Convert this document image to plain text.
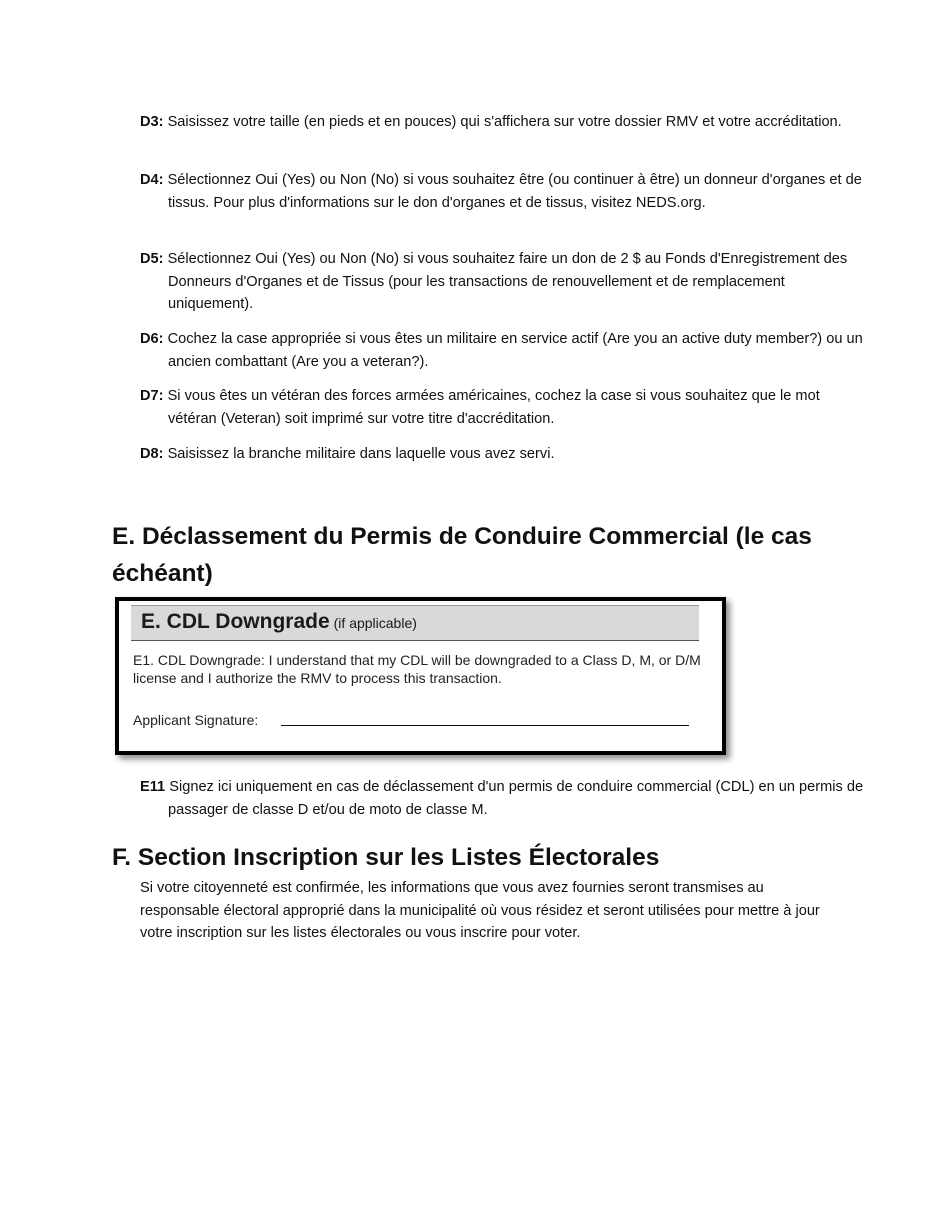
D3: Saisissez votre taille (en pieds et en pouces) qui s'affichera sur votre dossier RMV et votre accréditation.
D4: Sélectionnez Oui (Yes) ou Non (No) si vous souhaitez être (ou continuer à être) un donneur d'organes et de tissus. Pour plus d'informations sur le don d'organes et de tissus, visitez NEDS.org.
D5: Sélectionnez Oui (Yes) ou Non (No) si vous souhaitez faire un don de 2 $ au Fonds d'Enregistrement des Donneurs d'Organes et de Tissus (pour les transactions de renouvellement et de remplacement uniquement).
D6: Cochez la case appropriée si vous êtes un militaire en service actif (Are you an active duty member?) ou un ancien combattant (Are you a veteran?).
D7: Si vous êtes un vétéran des forces armées américaines, cochez la case si vous souhaitez que le mot vétéran (Veteran) soit imprimé sur votre titre d'accréditation.
D8: Saisissez la branche militaire dans laquelle vous avez servi.
E. Déclassement du Permis de Conduire Commercial (le cas échéant)
E. CDL Downgrade (if applicable)
E1. CDL Downgrade: I understand that my CDL will be downgraded to a Class D, M, or D/M license and I authorize the RMV to process this transaction.
Applicant Signature:
E11 Signez ici uniquement en cas de déclassement d'un permis de conduire commercial (CDL) en un permis de passager de classe D et/ou de moto de classe M.
F. Section Inscription sur les Listes Électorales
Si votre citoyenneté est confirmée, les informations que vous avez fournies seront transmises au responsable électoral approprié dans la municipalité où vous résidez et seront utilisées pour mettre à jour votre inscription sur les listes électorales ou vous inscrire pour voter.
